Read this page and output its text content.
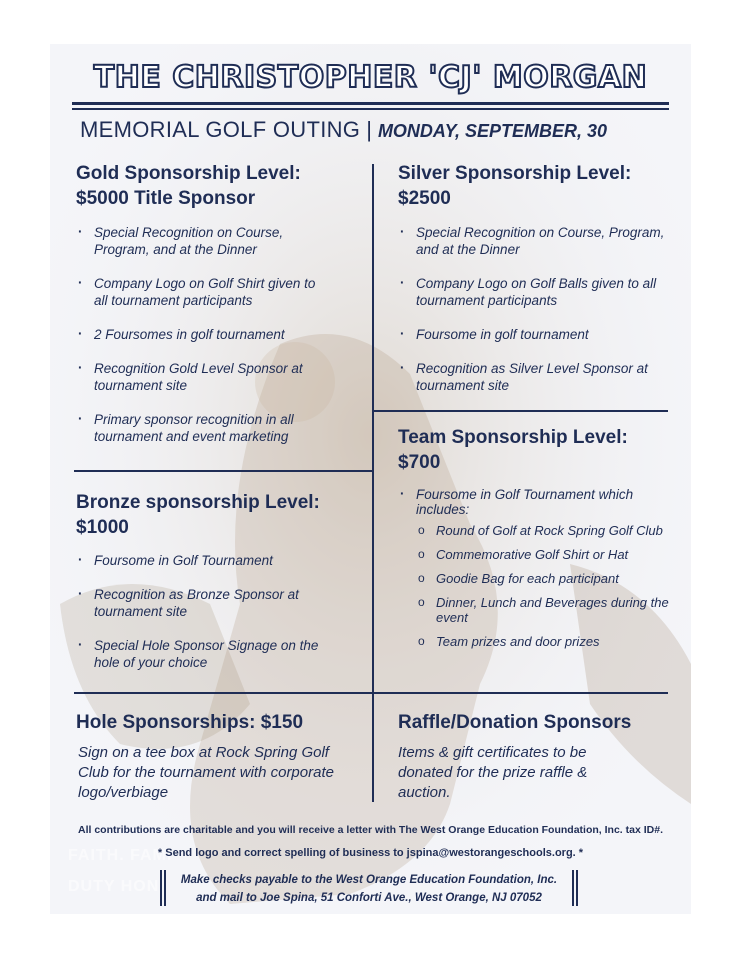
THE CHRISTOPHER 'CJ' MORGAN
MEMORIAL GOLF OUTING | MONDAY, SEPTEMBER, 30
Gold Sponsorship Level:
$5000 Title Sponsor
· Special Recognition on Course, Program, and at the Dinner
· Company Logo on Golf Shirt given to all tournament participants
· 2 Foursomes in golf tournament
· Recognition Gold Level Sponsor at tournament site
· Primary sponsor recognition in all tournament and event marketing
Silver Sponsorship Level:
$2500
· Special Recognition on Course, Program, and at the Dinner
· Company Logo on Golf Balls given to all tournament participants
· Foursome in golf tournament
· Recognition as Silver Level Sponsor at tournament site
Bronze sponsorship Level:
$1000
· Foursome in Golf Tournament
· Recognition as Bronze Sponsor at tournament site
· Special Hole Sponsor Signage on the hole of your choice
Team Sponsorship Level:
$700
· Foursome in Golf Tournament which includes:
o Round of Golf at Rock Spring Golf Club
o Commemorative Golf Shirt or Hat
o Goodie Bag for each participant
o Dinner, Lunch and Beverages during the event
o Team prizes and door prizes
Hole Sponsorships: $150
Sign on a tee box at Rock Spring Golf Club for the tournament with corporate logo/verbiage
Raffle/Donation Sponsors
Items & gift certificates to be donated for the prize raffle & auction.
FAITH. FAMI
DUTY HON
All contributions are charitable and you will receive a letter with The West Orange Education Foundation, Inc. tax ID#.
* Send logo and correct spelling of business to jspina@westorangeschools.org. *
Make checks payable to the West Orange Education Foundation, Inc.
and mail to Joe Spina, 51 Conforti Ave., West Orange, NJ 07052
